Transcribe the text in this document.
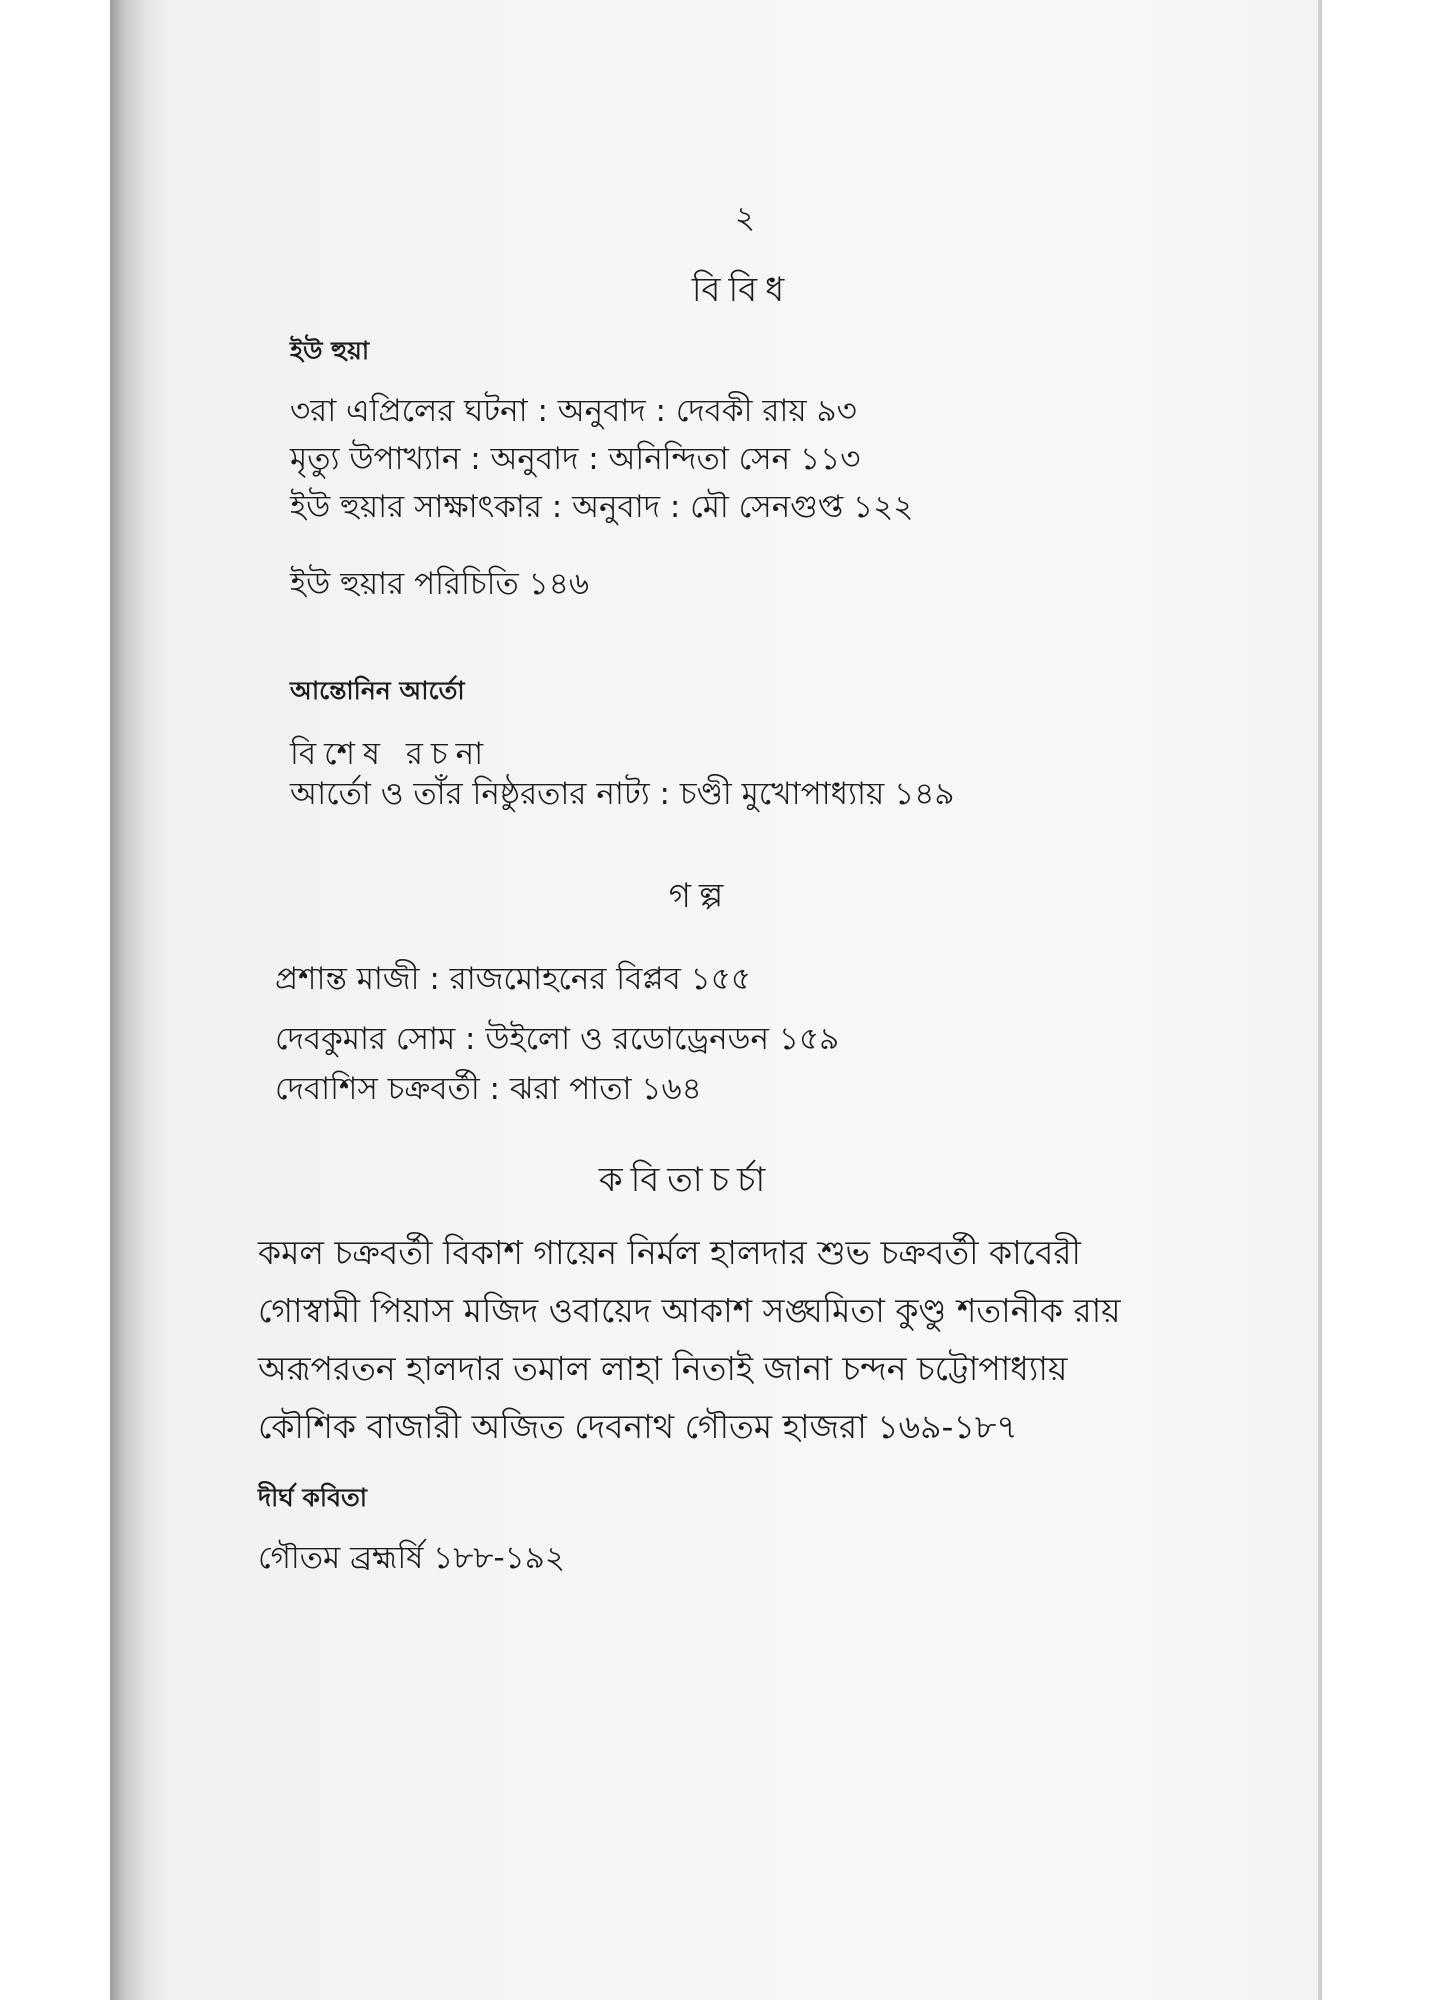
২
বিবিধ
ইউ হুয়া
৩রা এপ্রিলের ঘটনা : অনুবাদ : দেবকী রায় ৯৩
মৃত্যু উপাখ্যান : অনুবাদ : অনিন্দিতা সেন ১১৩
ইউ হুয়ার সাক্ষাৎকার : অনুবাদ : মৌ সেনগুপ্ত ১২২
ইউ হুয়ার পরিচিতি ১৪৬
আন্তোনিন আর্তো
বিশেষ রচনা
আর্তো ও তাঁর নিষ্ঠুরতার নাট্য : চণ্ডী মুখোপাধ্যায় ১৪৯
গল্প
প্রশান্ত মাজী : রাজমোহনের বিপ্লব ১৫৫
দেবকুমার সোম : উইলো ও রডোড্রেনডন ১৫৯
দেবাশিস চক্রবর্তী : ঝরা পাতা ১৬৪
কবিতাচর্চা
কমল চক্রবর্তী বিকাশ গায়েন নির্মল হালদার শুভ চক্রবর্তী কাবেরী
গোস্বামী পিয়াস মজিদ ওবায়েদ আকাশ সঙ্ঘমিতা কুণ্ডু শতানীক রায়
অরূপরতন হালদার তমাল লাহা নিতাই জানা চন্দন চট্টোপাধ্যায়
কৌশিক বাজারী অজিত দেবনাথ গৌতম হাজরা ১৬৯-১৮৭
দীর্ঘ কবিতা
গৌতম ব্রহ্মর্ষি ১৮৮-১৯২
